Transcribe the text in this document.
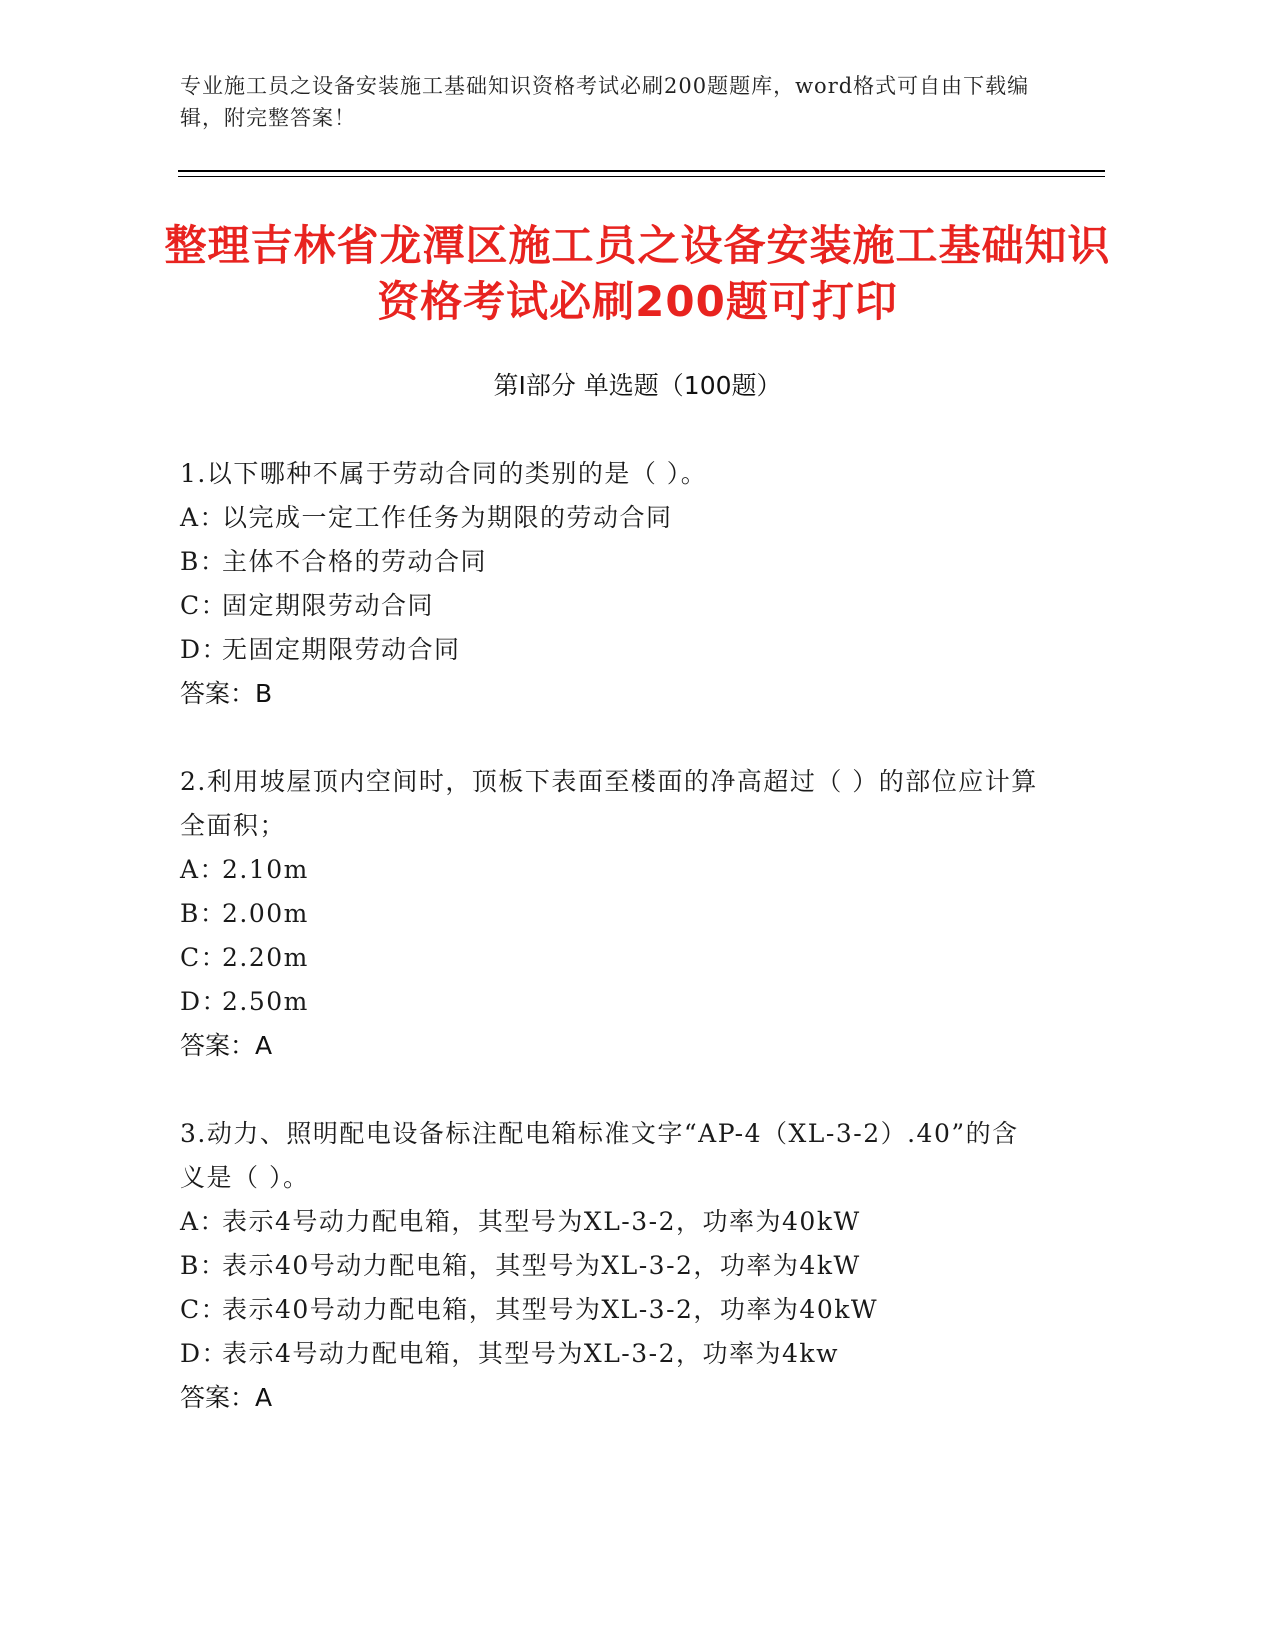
专业施工员之设备安装施工基础知识资格考试必刷200题题库，word格式可自由下载编辑，附完整答案！
整理吉林省龙潭区施工员之设备安装施工基础知识资格考试必刷200题可打印
第Ⅰ部分 单选题（100题）
1.以下哪种不属于劳动合同的类别的是（ ）。
A：
以完成一定工作任务为期限的劳动合同
B：
主体不合格的劳动合同
C：
固定期限劳动合同
D：
无固定期限劳动合同
答案：B
2.利用坡屋顶内空间时，顶板下表面至楼面的净高超过（ ）的部位应计算全面积；
A：
2.10m
B：
2.00m
C：
2.20m
D：
2.50m
答案：A
3.动力、照明配电设备标注配电箱标准文字“AP-4（XL-3-2）.40”的含义是（ ）。
A：
表示4号动力配电箱，其型号为XL-3-2，功率为40kW
B：
表示40号动力配电箱，其型号为XL-3-2，功率为4kW
C：
表示40号动力配电箱，其型号为XL-3-2，功率为40kW
D：
表示4号动力配电箱，其型号为XL-3-2，功率为4kw
答案：A
